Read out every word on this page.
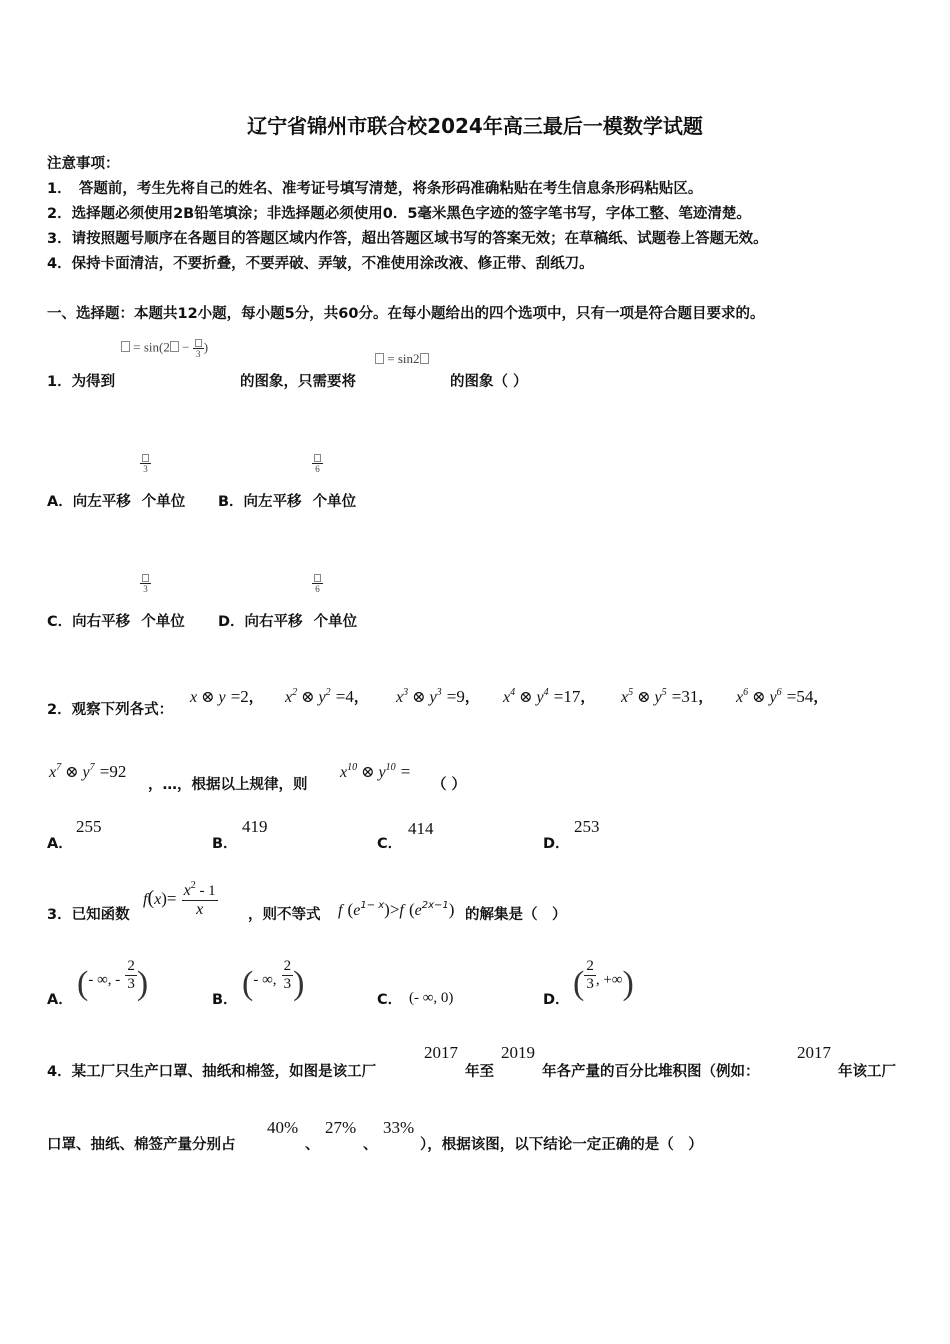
辽宁省锦州市联合校2024年高三最后一模数学试题
注意事项：
1．　答题前，考生先将自己的姓名、准考证号填写清楚，将条形码准确粘贴在考生信息条形码粘贴区。
2．选择题必须使用2B铅笔填涂；非选择题必须使用0．5毫米黑色字迹的签字笔书写，字体工整、笔迹清楚。
3．请按照题号顺序在各题目的答题区域内作答，超出答题区域书写的答案无效；在草稿纸、试题卷上答题无效。
4．保持卡面清洁，不要折叠，不要弄破、弄皱，不准使用涂改液、修正带、刮纸刀。
一、选择题：本题共12小题，每小题5分，共60分。在每小题给出的四个选项中，只有一项是符合题目要求的。
= sin(2 − 3 )
= sin2
1．为得到	的图象，只需要将	的图象（ ）
3	6
A．向左平移 个单位 B．向左平移 个单位
3	6
C．向右平移 个单位 D．向右平移 个单位
2．观察下列各式：
x ⊗ y =2， $x^2$ ⊗ $y^2 =4$， $x^3$ ⊗ $y^3 =9$， $x^4$ ⊗ $y^4 =17$， $x^5$ ⊗ $y^5 =31$， $x^6$ ⊗ $y^6 =54$，
$x^7$ ⊗ $y^7 =92$
，…，根据以上规律，则
$x^{10}$ ⊗ $y^{10}$ =
（ ）
A．
255
B．
419
C．
414
D．
253
3．已知函数
$f(x)= \frac{x^2 - 1}{x}$ ，则不等式 f $(e^{1- x})>f$ $(e^{2x-1})$ 的解集是（　）
A． (- ∞, - $\frac{2}{3}$ )	B． (- ∞, $\frac{2}{3}$ )	C． (- ∞, 0)	D． ( $\frac{2}{3}$ , +∞)
4．某工厂只生产口罩、抽纸和棉签，如图是该工厂
2017
年至
2019
年各产量的百分比堆积图（例如：
2017
年该工厂
口罩、抽纸、棉签产量分别占
40%
、
27%
、
33%
），根据该图，以下结论一定正确的是（　）
